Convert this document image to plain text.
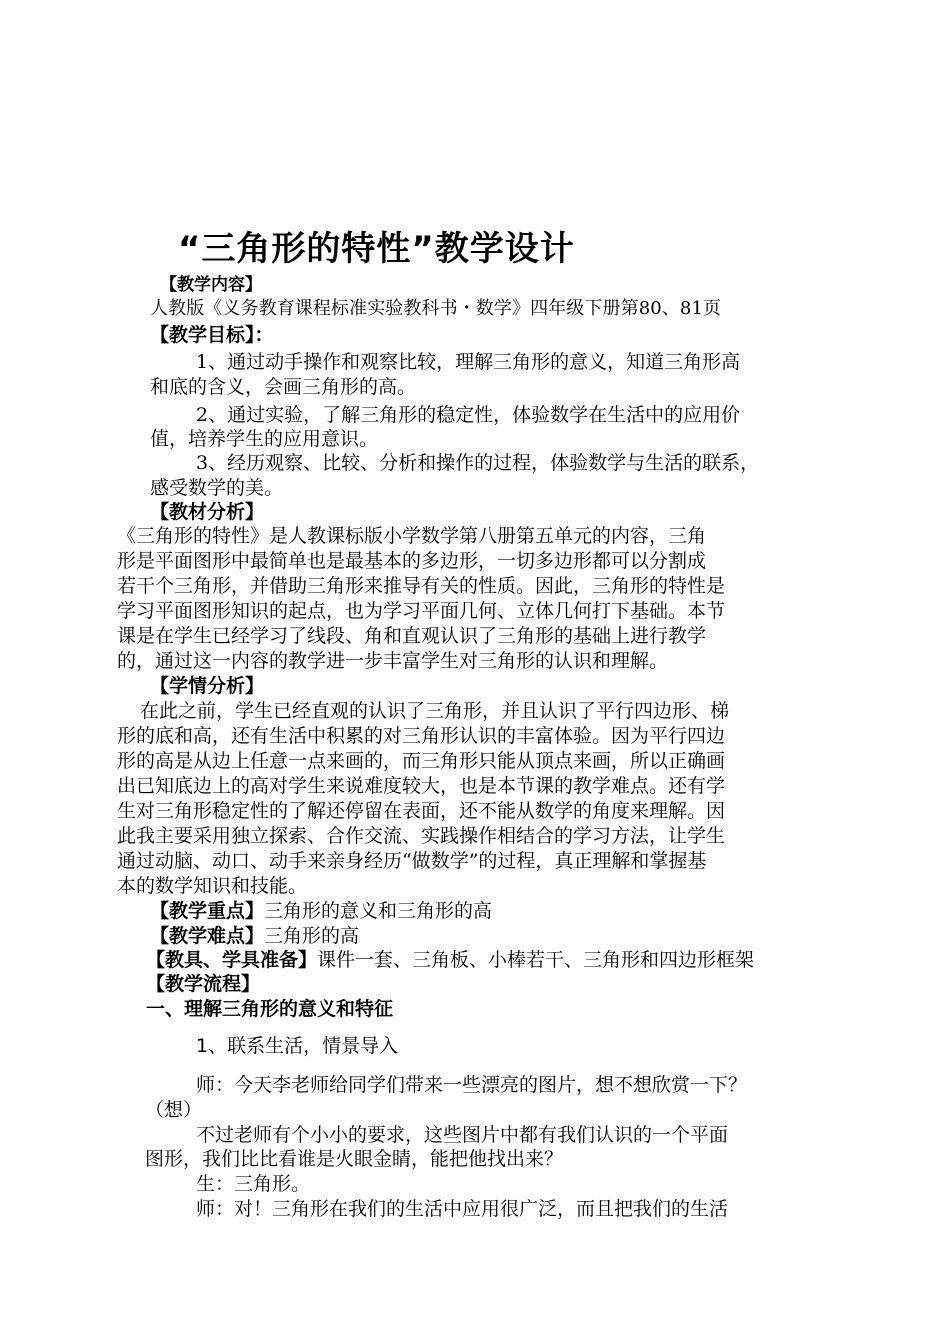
“三角形的特性”教学设计
【教学内容】
人教版《义务教育课程标准实验教科书・数学》四年级下册第80、81页
【教学目标】：
1、通过动手操作和观察比较，理解三角形的意义，知道三角形高
和底的含义，会画三角形的高。
2、通过实验，了解三角形的稳定性，体验数学在生活中的应用价
值，培养学生的应用意识。
3、经历观察、比较、分析和操作的过程，体验数学与生活的联系，
感受数学的美。
【教材分析】
《三角形的特性》是人教课标版小学数学第八册第五单元的内容，三角
形是平面图形中最简单也是最基本的多边形，一切多边形都可以分割成
若干个三角形，并借助三角形来推导有关的性质。因此，三角形的特性是
学习平面图形知识的起点，也为学习平面几何、立体几何打下基础。本节
课是在学生已经学习了线段、角和直观认识了三角形的基础上进行教学
的，通过这一内容的教学进一步丰富学生对三角形的认识和理解。
【学情分析】
在此之前，学生已经直观的认识了三角形，并且认识了平行四边形、梯
形的底和高，还有生活中积累的对三角形认识的丰富体验。因为平行四边
形的高是从边上任意一点来画的，而三角形只能从顶点来画，所以正确画
出已知底边上的高对学生来说难度较大，也是本节课的教学难点。还有学
生对三角形稳定性的了解还停留在表面，还不能从数学的角度来理解。因
此我主要采用独立探索、合作交流、实践操作相结合的学习方法，让学生
通过动脑、动口、动手来亲身经历“做数学”的过程，真正理解和掌握基
本的数学知识和技能。
【教学重点】三角形的意义和三角形的高
【教学难点】三角形的高
【教具、学具准备】课件一套、三角板、小棒若干、三角形和四边形框架
【教学流程】
一、理解三角形的意义和特征
1、联系生活，情景导入
师：今天李老师给同学们带来一些漂亮的图片，想不想欣赏一下？
（想）
不过老师有个小小的要求，这些图片中都有我们认识的一个平面
图形，我们比比看谁是火眼金睛，能把他找出来？
生：三角形。
师：对！三角形在我们的生活中应用很广泛，而且把我们的生活
